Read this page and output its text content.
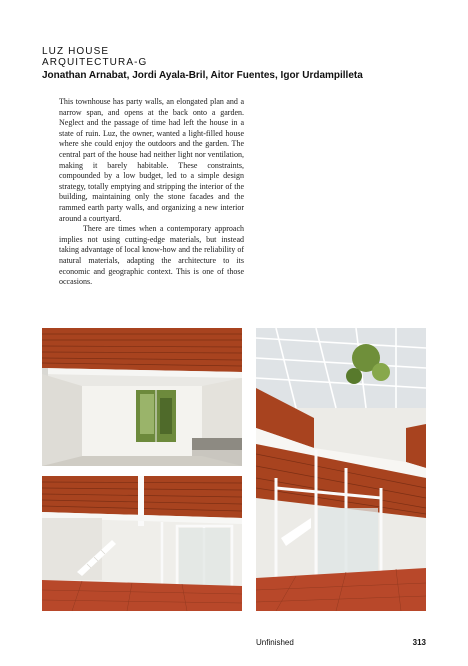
LUZ HOUSE
ARQUITECTURA-G
Jonathan Arnabat, Jordi Ayala-Bril, Aitor Fuentes, Igor Urdampilleta

This townhouse has party walls, an elongated plan and a narrow span, and opens at the back onto a garden. Neglect and the passage of time had left the house in a state of ruin. Luz, the owner, wanted a light-filled house where she could enjoy the outdoors and the garden. The central part of the house had neither light nor ventilation, making it barely habitable. These constraints, compounded by a low budget, led to a simple design strategy, totally emptying and stripping the interior of the building, maintaining only the stone facades and the rammed earth party walls, and organizing a new interior around a courtyard.

There are times when a contemporary approach implies not using cutting-edge materials, but instead taking advantage of local know-how and the reliability of natural materials, adapting the architecture to its economic and geographic context. This is one of those occasions.

Unfinished	313
